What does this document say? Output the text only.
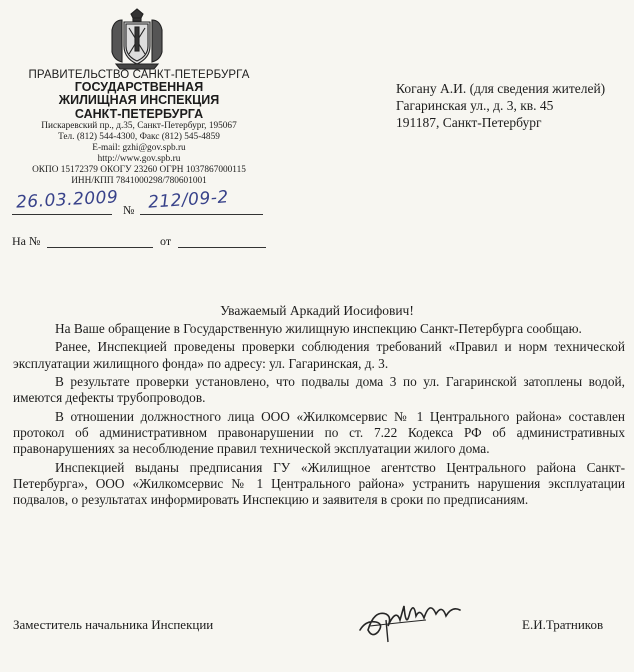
ПРАВИТЕЛЬСТВО САНКТ-ПЕТЕРБУРГА
ГОСУДАРСТВЕННАЯ
ЖИЛИЩНАЯ ИНСПЕКЦИЯ
САНКТ-ПЕТЕРБУРГА
Пискаревский пр., д.35, Санкт-Петербург, 195067
Тел. (812) 544-4300, Факс (812) 545-4859
E-mail: gzhi@gov.spb.ru
http://www.gov.spb.ru
ОКПО 15172379 ОКОГУ 23260 ОГРН 1037867000115
ИНН/КПП 7841000298/780601001
26.03.2009 № 212/09-2
На №	от
Когану А.И. (для сведения жителей)
Гагаринская ул., д. 3, кв. 45
191187, Санкт-Петербург
Уважаемый Аркадий Иосифович!

На Ваше обращение в Государственную жилищную инспекцию Санкт-Петербурга сообщаю.

Ранее, Инспекцией проведены проверки соблюдения требований «Правил и норм технической эксплуатации жилищного фонда» по адресу: ул. Гагаринская, д. 3.

В результате проверки установлено, что подвалы дома 3 по ул. Гагаринской затоплены водой, имеются дефекты трубопроводов.

В отношении должностного лица ООО «Жилкомсервис № 1 Центрального района» составлен протокол об административном правонарушении по ст. 7.22 Кодекса РФ об административных правонарушениях за несоблюдение правил технической эксплуатации жилого дома.

Инспекцией выданы предписания ГУ «Жилищное агентство Центрального района Санкт-Петербурга», ООО «Жилкомсервис № 1 Центрального района» устранить нарушения эксплуатации подвалов, о результатах информировать Инспекцию и заявителя в сроки по предписаниям.

Заместитель начальника Инспекции	Е.И.Тратников
